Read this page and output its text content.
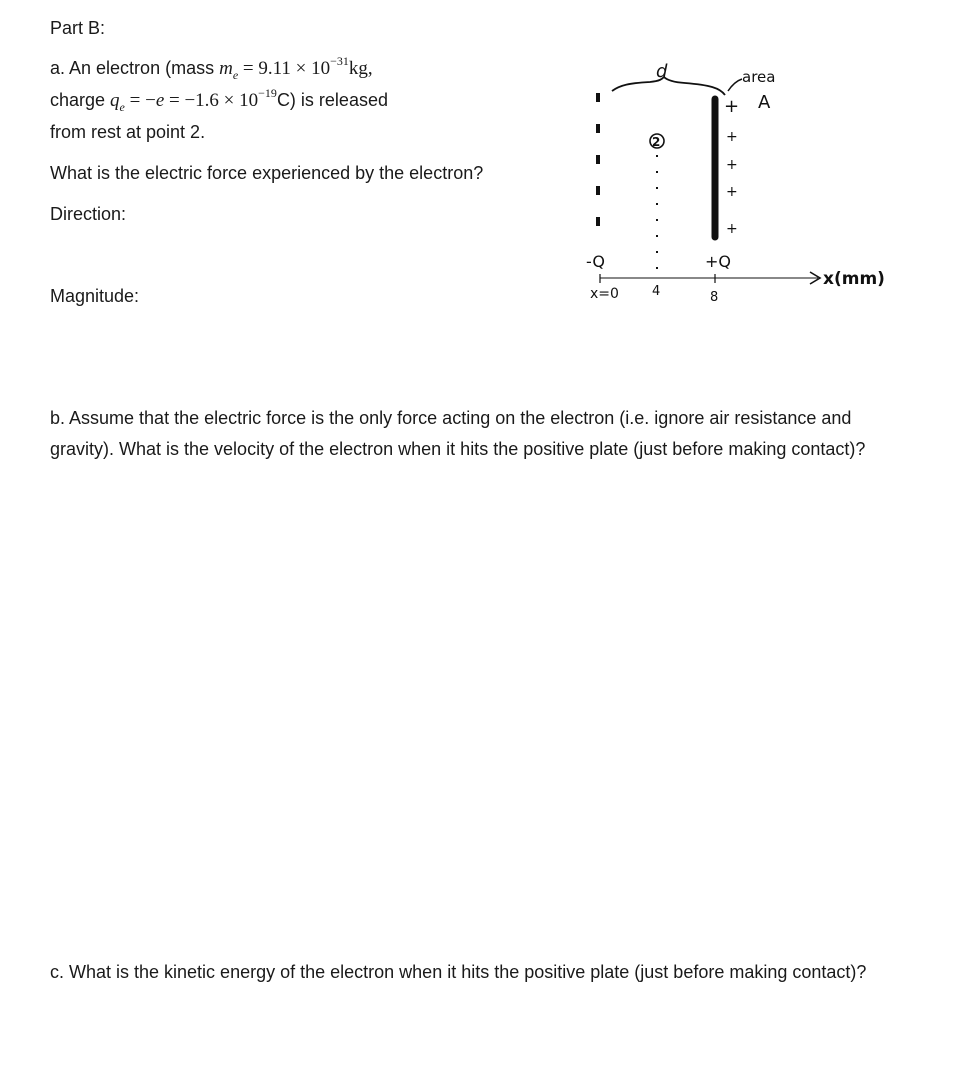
Part B:
a. An electron (mass $m_e = 9.11 \times 10^{-31}kg$,
charge $q_e = -e = -1.6 \times 10^{-19}C$) is released
from rest at point 2.
What is the electric force experienced by the electron?
Direction:
Magnitude:
d	area
A
+
+
+
+
+
2
-Q	+Q
x(mm)
x=0	4	8
b. Assume that the electric force is the only force acting on the electron (i.e. ignore air resistance and gravity). What is the velocity of the electron when it hits the positive plate (just before making contact)?
c. What is the kinetic energy of the electron when it hits the positive plate (just before making contact)?
